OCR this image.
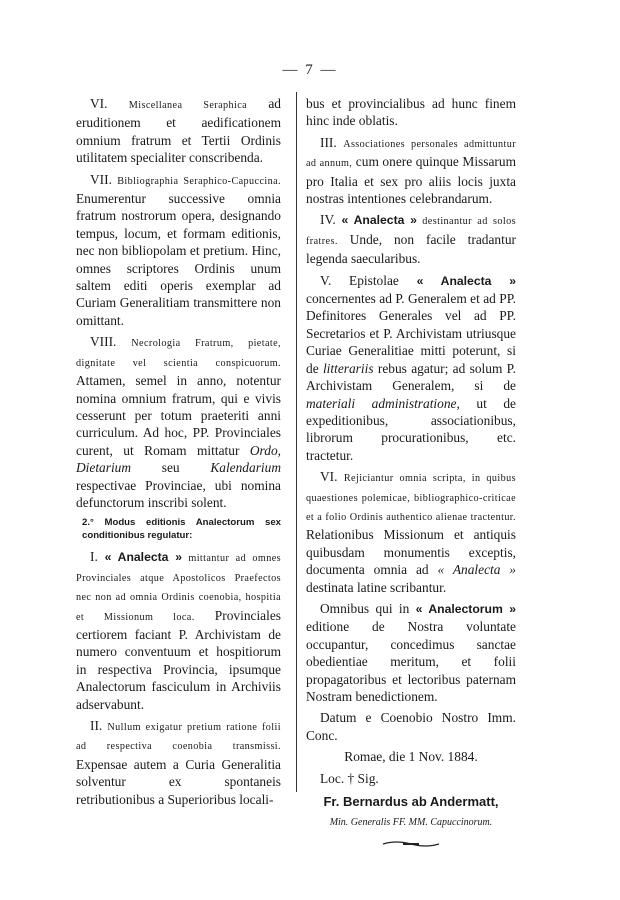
— 7 —

VI. Miscellanea Seraphica ad eruditionem et aedificationem omnium fratrum et Tertii Ordinis utilitatem specialiter conscribenda.

VII. Bibliographia Seraphico-Capuccina. Enumerentur successive omnia fratrum nostrorum opera, designando tempus, locum, et formam editionis, nec non bibliopolam et pretium. Hinc, omnes scriptores Ordinis unum saltem editi operis exemplar ad Curiam Generalitiam transmittere non omittant.

VIII. Necrologia Fratrum, pietate, dignitate vel scientia conspicuorum. Attamen, semel in anno, notentur nomina omnium fratrum, qui e vivis cesserunt per totum praeteriti anni curriculum. Ad hoc, PP. Provinciales curent, ut Romam mittatur Ordo, Dietarium seu Kalendarium respectivae Provinciae, ubi nomina defunctorum inscribi solent.

2.° Modus editionis Analectorum sex conditionibus regulatur:

I. « Analecta » mittantur ad omnes Provinciales atque Apostolicos Praefectos nec non ad omnia Ordinis coenobia, hospitia et Missionum loca. Provinciales certiorem faciant P. Archivistam de numero conventuum et hospitiorum in respectiva Provincia, ipsumque Analectorum fasciculum in Archiviis adservabunt.

II. Nullum exigatur pretium ratione folii ad respectiva coenobia transmissi. Expensae autem a Curia Generalitia solventur ex spontaneis retributionibus a Superioribus locali-

bus et provincialibus ad hunc finem hinc inde oblatis.

III. Associationes personales admittuntur ad annum, cum onere quinque Missarum pro Italia et sex pro aliis locis juxta nostras intentiones celebrandarum.

IV. « Analecta » destinantur ad solos fratres. Unde, non facile tradantur legenda saecularibus.

V. Epistolae « Analecta » concernentes ad P. Generalem et ad PP. Definitores Generales vel ad PP. Secretarios et P. Archivistam utriusque Curiae Generalitiae mitti poterunt, si de litterariis rebus agatur; ad solum P. Archivistam Generalem, si de materiali administratione, ut de expeditionibus, associationibus, librorum procurationibus, etc. tractetur.

VI. Rejiciantur omnia scripta, in quibus quaestiones polemicae, bibliographico-criticae et a folio Ordinis authentico alienae tractentur. Relationibus Missionum et antiquis quibusdam monumentis exceptis, documenta omnia ad « Analecta » destinata latine scribantur.

Omnibus qui in « Analectorum » editione de Nostra voluntate occupantur, concedimus sanctae obedientiae meritum, et folii propagatoribus et lectoribus paternam Nostram benedictionem.

Datum e Coenobio Nostro Imm. Conc.

Romae, die 1 Nov. 1884.

Loc. † Sig.

Fr. Bernardus ab Andermatt,

Min. Generalis FF. MM. Capuccinorum.
